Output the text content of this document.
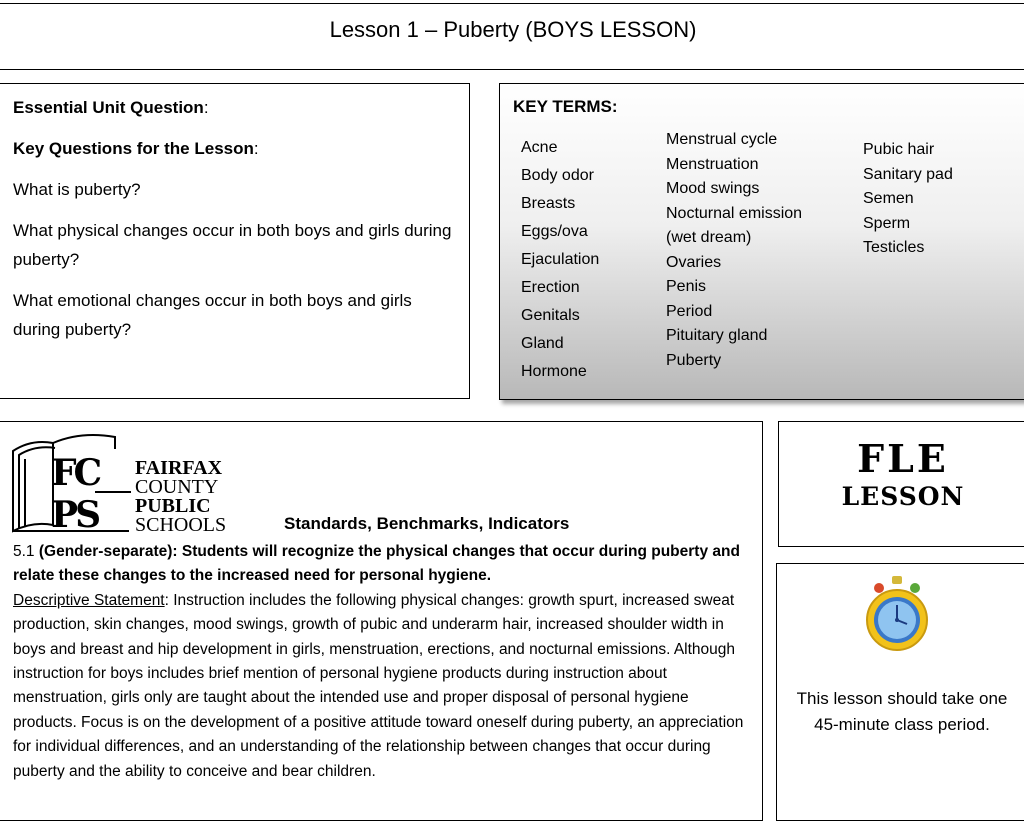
Lesson 1 – Puberty (BOYS LESSON)

Essential Unit Question:

Key Questions for the Lesson:

What is puberty?

What physical changes occur in both boys and girls during puberty?

What emotional changes occur in both boys and girls during puberty?

KEY TERMS:
Acne
Body odor
Breasts
Eggs/ova
Ejaculation
Erection
Genitals
Gland
Hormone
Menstrual cycle
Menstruation
Mood swings
Nocturnal emission
(wet dream)
Ovaries
Penis
Period
Pituitary gland
Puberty
Pubic hair
Sanitary pad
Semen
Sperm
Testicles
FC
PS
FAIRFAX
COUNTY
PUBLIC
SCHOOLS	Standards, Benchmarks, Indicators
5.1 (Gender-separate): Students will recognize the physical changes that occur during puberty and relate these changes to the increased need for personal hygiene.
Descriptive Statement: Instruction includes the following physical changes: growth spurt, increased sweat production, skin changes, mood swings, growth of pubic and underarm hair, increased shoulder width in boys and breast and hip development in girls, menstruation, erections, and nocturnal emissions. Although instruction for boys includes brief mention of personal hygiene products during instruction about menstruation, girls only are taught about the intended use and proper disposal of personal hygiene products. Focus is on the development of a positive attitude toward oneself during puberty, an appreciation for individual differences, and an understanding of the relationship between changes that occur during puberty and the ability to conceive and bear children.
FLE
LESSON
This lesson should take one 45-minute class period.
